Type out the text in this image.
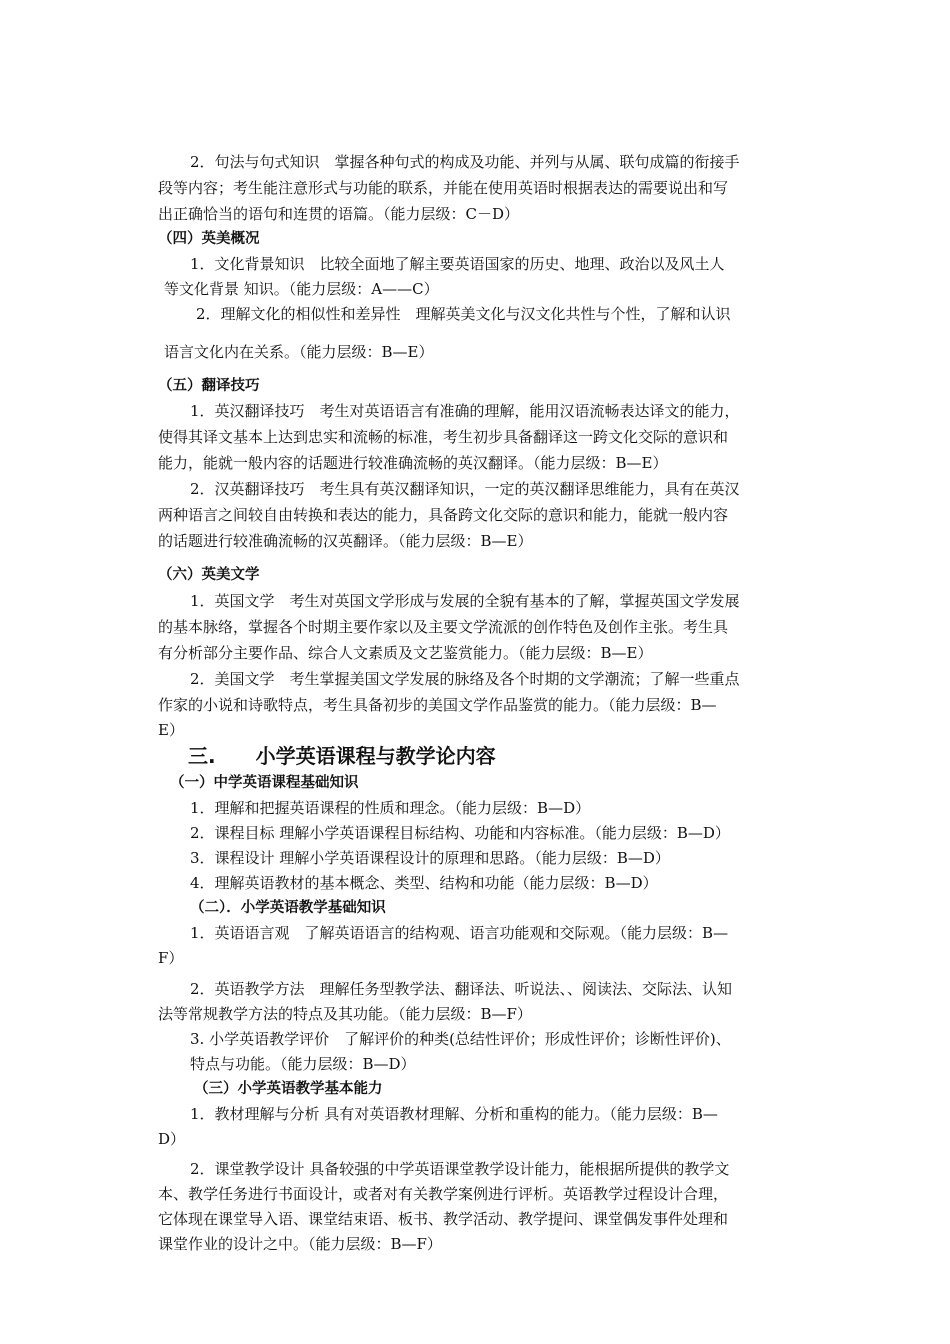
2．句法与句式知识　掌握各种句式的构成及功能、并列与从属、联句成篇的衔接手
段等内容；考生能注意形式与功能的联系，并能在使用英语时根据表达的需要说出和写
出正确恰当的语句和连贯的语篇。（能力层级：C－D）
（四）英美概况
1．文化背景知识　比较全面地了解主要英语国家的历史、地理、政治以及风土人
等文化背景 知识。（能力层级：A——C）
2．理解文化的相似性和差异性　理解英美文化与汉文化共性与个性，了解和认识
语言文化内在关系。（能力层级：B—E）
（五）翻译技巧
1．英汉翻译技巧　考生对英语语言有准确的理解，能用汉语流畅表达译文的能力，
使得其译文基本上达到忠实和流畅的标准，考生初步具备翻译这一跨文化交际的意识和
能力，能就一般内容的话题进行较准确流畅的英汉翻译。（能力层级：B—E）
2．汉英翻译技巧　考生具有英汉翻译知识，一定的英汉翻译思维能力，具有在英汉
两种语言之间较自由转换和表达的能力，具备跨文化交际的意识和能力，能就一般内容
的话题进行较准确流畅的汉英翻译。（能力层级：B—E）
（六）英美文学
1．英国文学　考生对英国文学形成与发展的全貌有基本的了解，掌握英国文学发展
的基本脉络，掌握各个时期主要作家以及主要文学流派的创作特色及创作主张。考生具
有分析部分主要作品、综合人文素质及文艺鉴赏能力。（能力层级：B—E）
2．美国文学　考生掌握美国文学发展的脉络及各个时期的文学潮流；了解一些重点
作家的小说和诗歌特点，考生具备初步的美国文学作品鉴赏的能力。（能力层级：B—
E）
三.　　小学英语课程与教学论内容
（一）中学英语课程基础知识
1．理解和把握英语课程的性质和理念。（能力层级：B—D）
2．课程目标 理解小学英语课程目标结构、功能和内容标准。（能力层级：B—D）
3．课程设计 理解小学英语课程设计的原理和思路。（能力层级：B—D）
4．理解英语教材的基本概念、类型、结构和功能（能力层级：B—D）
（二）．小学英语教学基础知识
1．英语语言观　了解英语语言的结构观、语言功能观和交际观。（能力层级：B—
F）
2．英语教学方法　理解任务型教学法、翻译法、听说法、、阅读法、交际法、认知
法等常规教学方法的特点及其功能。（能力层级：B—F）
3. 小学英语教学评价　了解评价的种类(总结性评价；形成性评价；诊断性评价)、
特点与功能。（能力层级：B—D）
（三）小学英语教学基本能力
1．教材理解与分析 具有对英语教材理解、分析和重构的能力。（能力层级：B—
D）
2．课堂教学设计 具备较强的中学英语课堂教学设计能力，能根据所提供的教学文
本、教学任务进行书面设计，或者对有关教学案例进行评析。英语教学过程设计合理，
它体现在课堂导入语、课堂结束语、板书、教学活动、教学提问、课堂偶发事件处理和
课堂作业的设计之中。（能力层级：B—F）
